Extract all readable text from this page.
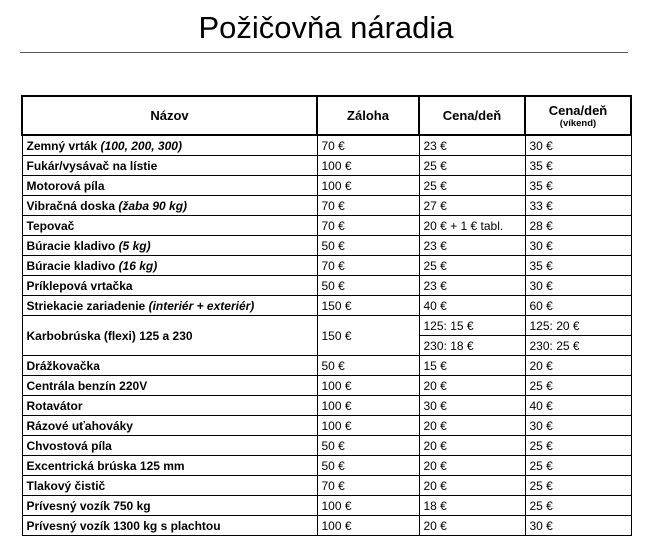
Požičovňa náradia
Názov	Záloha	Cena/deň	Cena/deň
(víkend)

Zemný vrták (100, 200, 300)	70 €	23 €	30 €
Fukár/vysávač na lístie	100 €	25 €	35 €
Motorová píla	100 €	25 €	35 €
Vibračná doska (žaba 90 kg)	70 €	27 €	33 €
Tepovač	70 €	20 € + 1 € tabl.	28 €
Búracie kladivo (5 kg)	50 €	23 €	30 €
Búracie kladivo (16 kg)	70 €	25 €	35 €
Príklepová vrtačka	50 €	23 €	30 €
Striekacie zariadenie (interiér + exteriér)	150 €	40 €	60 €
Karbobrúska (flexi) 125 a 230	150 €	125: 15 €	125: 20 €
		230: 18 €	230: 25 €
Drážkovačka	50 €	15 €	20 €
Centrála benzín 220V	100 €	20 €	25 €
Rotavátor	100 €	30 €	40 €
Rázové uťahováky	100 €	20 €	30 €
Chvostová píla	50 €	20 €	25 €
Excentrická brúska 125 mm	50 €	20 €	25 €
Tlakový čistič	70 €	20 €	25 €
Prívesný vozík 750 kg	100 €	18 €	25 €
Prívesný vozík 1300 kg s plachtou	100 €	20 €	30 €
